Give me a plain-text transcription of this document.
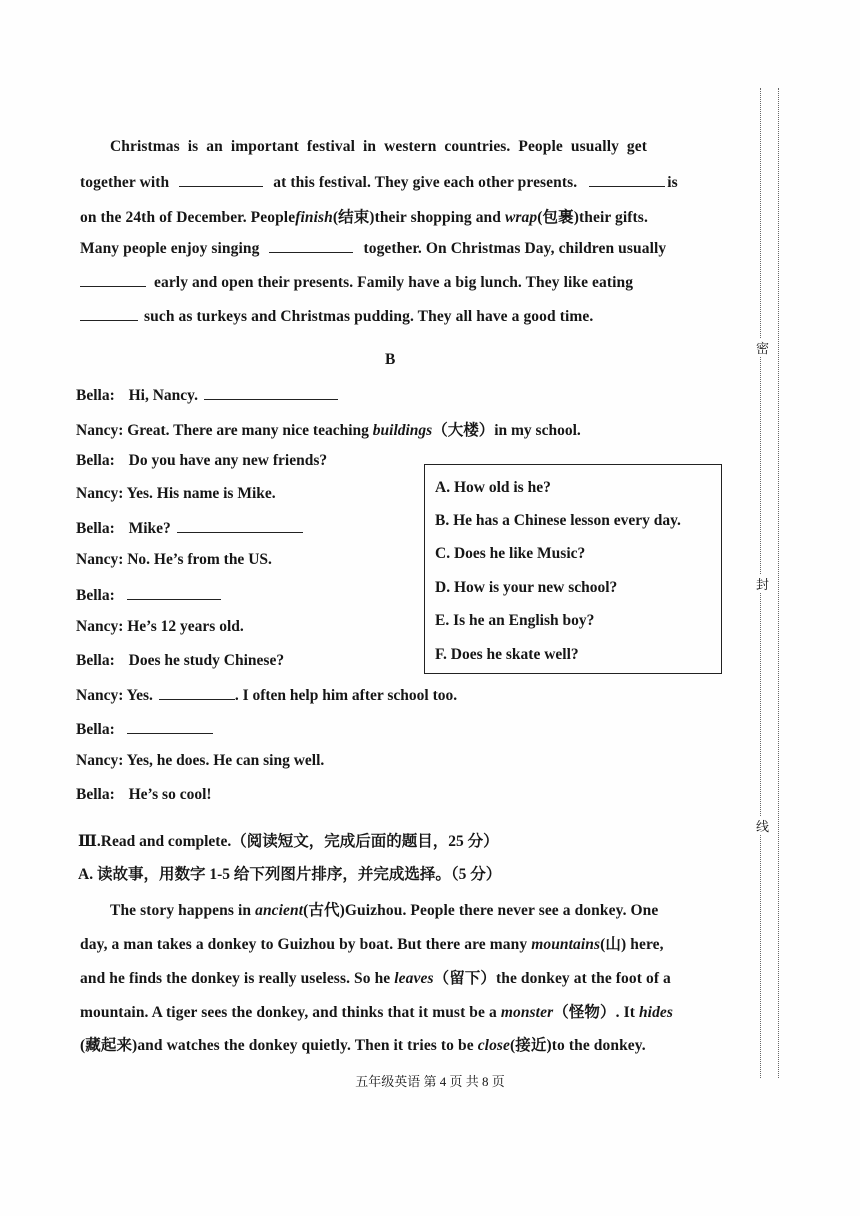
Christmas is an important festival in western countries. People usually get
together with	at this festival. They give each other presents.	is
on the 24th of December. Peoplefinish(结束)their shopping and wrap(包裹)their gifts.
Many people enjoy singing	together. On Christmas Day, children usually
early and open their presents. Family have a big lunch. They like eating
such as turkeys and Christmas pudding. They all have a good time.
B
Bella: Hi, Nancy.
Nancy: Great. There are many nice teaching buildings（大楼）in my school.
Bella: Do you have any new friends?
Nancy: Yes. His name is Mike.
Bella: Mike?
Nancy: No. He’s from the US.
Bella:
Nancy: He’s 12 years old.
Bella: Does he study Chinese?
Nancy: Yes.	. I often help him after school too.
Bella:
Nancy: Yes, he does. He can sing well.
Bella: He’s so cool!
A. How old is he?
B. He has a Chinese lesson every day.
C. Does he like Music?
D. How is your new school?
E. Is he an English boy?
F. Does he skate well?
Ⅲ.Read and complete.（阅读短文，完成后面的题目，25 分）
A. 读故事，用数字 1-5 给下列图片排序，并完成选择。（5 分）
The story happens in ancient(古代)Guizhou. People there never see a donkey. One
day, a man takes a donkey to Guizhou by boat. But there are many mountains(山) here,
and he finds the donkey is really useless. So he leaves（留下）the donkey at the foot of a
mountain. A tiger sees the donkey, and thinks that it must be a monster（怪物）. It hides
(藏起来)and watches the donkey quietly. Then it tries to be close(接近)to the donkey.
五年级英语 第 4 页 共 8 页
密
封
线
